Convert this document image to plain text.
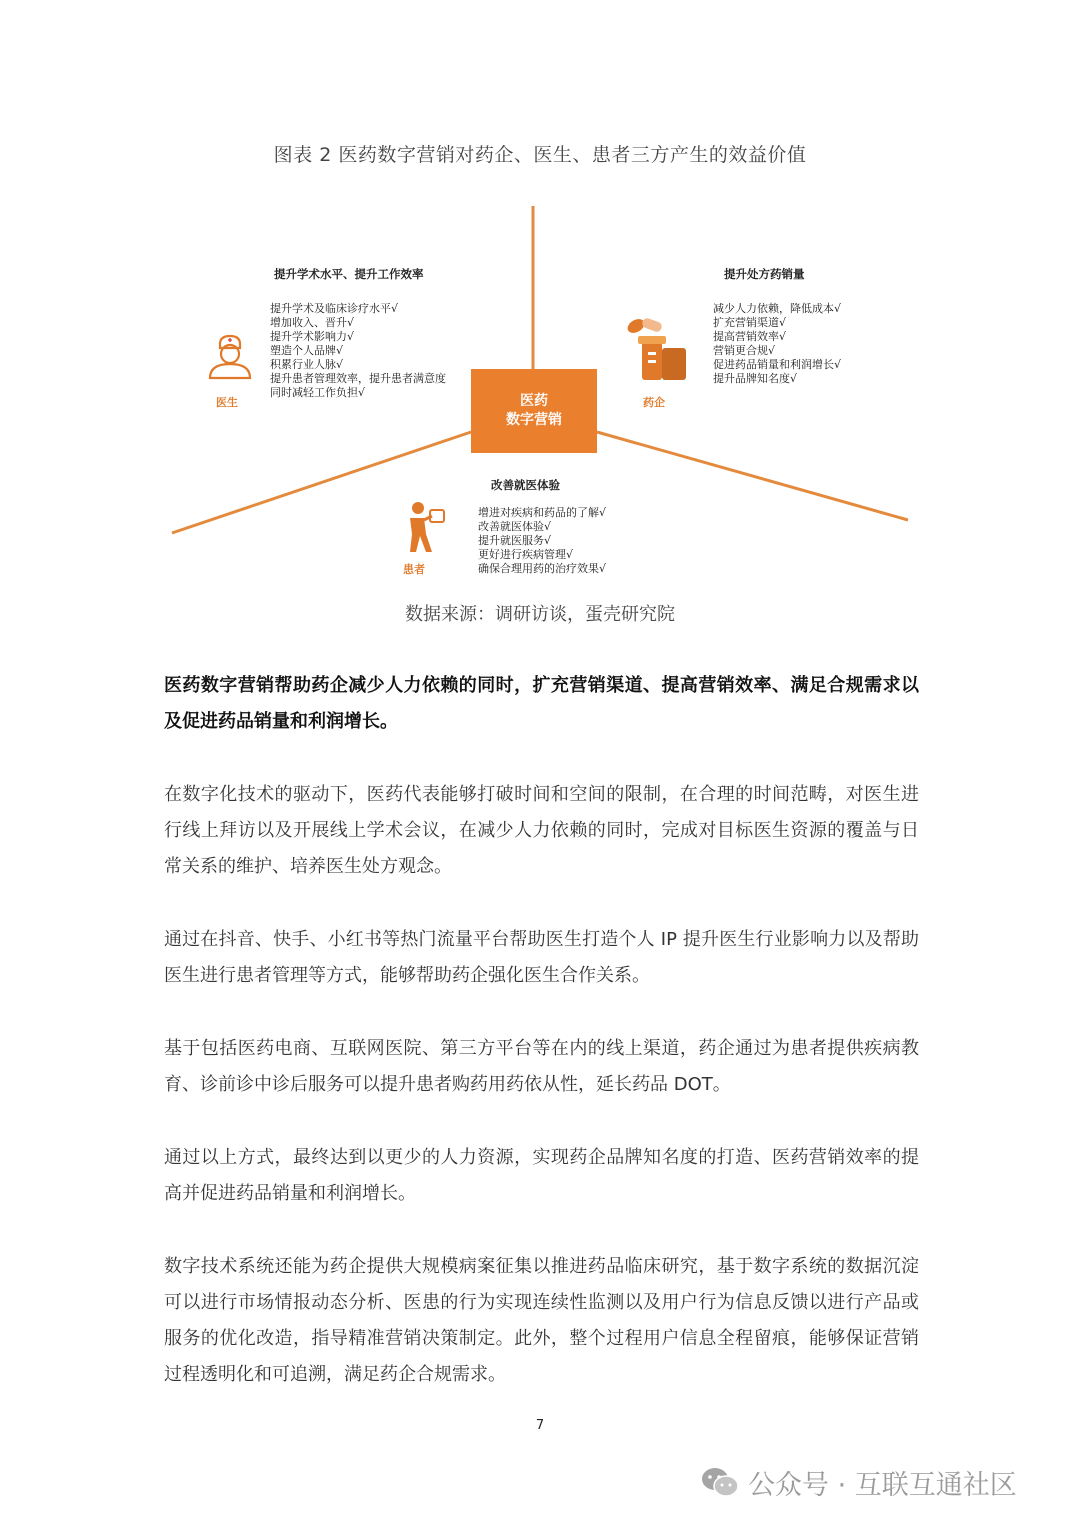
图表 2 医药数字营销对药企、医生、患者三方产生的效益价值
医药
数字营销
提升学术水平、提升工作效率
提升学术及临床诊疗水平√
增加收入、晋升√
提升学术影响力√
塑造个人品牌√
积累行业人脉√
提升患者管理效率，提升患者满意度
同时减轻工作负担√
医生
提升处方药销量
减少人力依赖，降低成本√
扩充营销渠道√
提高营销效率√
营销更合规√
促进药品销量和利润增长√
提升品牌知名度√
药企
改善就医体验
增进对疾病和药品的了解√
改善就医体验√
提升就医服务√
更好进行疾病管理√
确保合理用药的治疗效果√
患者
数据来源：调研访谈，蛋壳研究院
医药数字营销帮助药企减少人力依赖的同时，扩充营销渠道、提高营销效率、满足合规需求以及促进药品销量和利润增长。
在数字化技术的驱动下，医药代表能够打破时间和空间的限制，在合理的时间范畴，对医生进行线上拜访以及开展线上学术会议，在减少人力依赖的同时，完成对目标医生资源的覆盖与日常关系的维护、培养医生处方观念。
通过在抖音、快手、小红书等热门流量平台帮助医生打造个人 IP 提升医生行业影响力以及帮助医生进行患者管理等方式，能够帮助药企强化医生合作关系。
基于包括医药电商、互联网医院、第三方平台等在内的线上渠道，药企通过为患者提供疾病教育、诊前诊中诊后服务可以提升患者购药用药依从性，延长药品 DOT。
通过以上方式，最终达到以更少的人力资源，实现药企品牌知名度的打造、医药营销效率的提高并促进药品销量和利润增长。
数字技术系统还能为药企提供大规模病案征集以推进药品临床研究，基于数字系统的数据沉淀可以进行市场情报动态分析、医患的行为实现连续性监测以及用户行为信息反馈以进行产品或服务的优化改造，指导精准营销决策制定。此外，整个过程用户信息全程留痕，能够保证营销过程透明化和可追溯，满足药企合规需求。
7
公众号 · 互联互通社区
